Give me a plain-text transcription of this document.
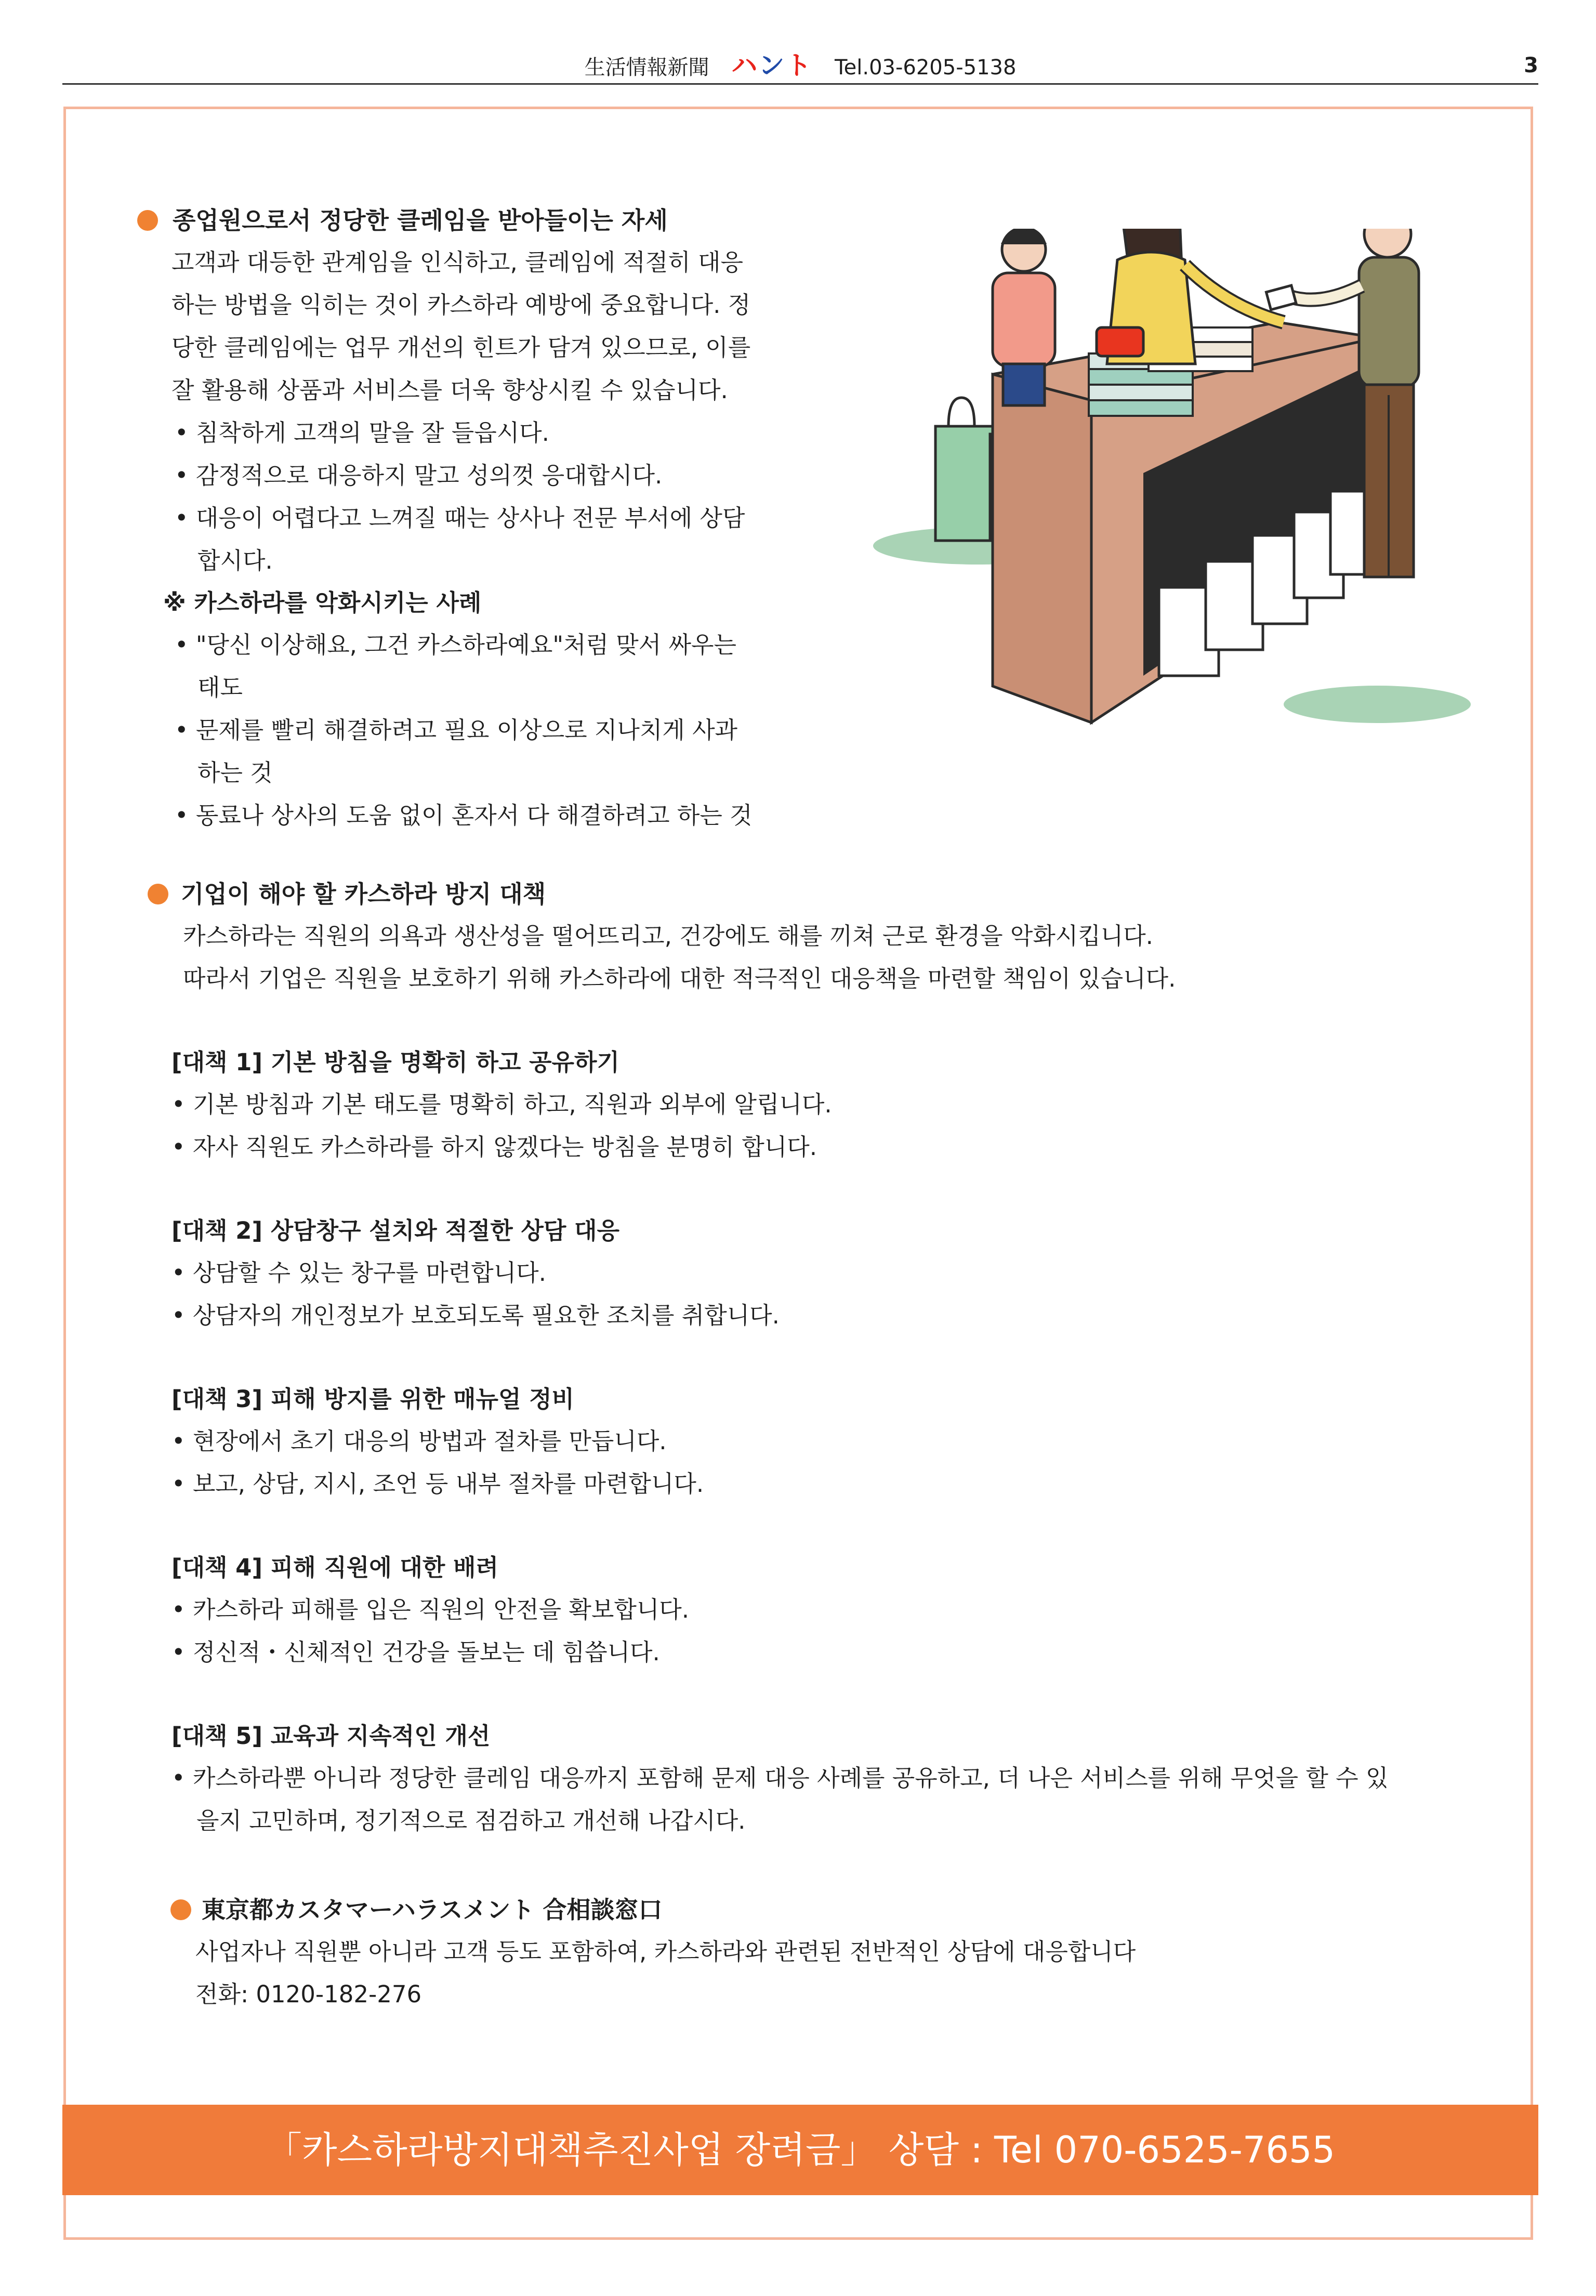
生活情報新聞 ハント Tel.03-6205-5138	3
종업원으로서 정당한 클레임을 받아들이는 자세
고객과 대등한 관계임을 인식하고, 클레임에 적절히 대응
하는 방법을 익히는 것이 카스하라 예방에 중요합니다. 정
당한 클레임에는 업무 개선의 힌트가 담겨 있으므로, 이를
잘 활용해 상품과 서비스를 더욱 향상시킬 수 있습니다.
• 침착하게 고객의 말을 잘 들읍시다.
• 감정적으로 대응하지 말고 성의껏 응대합시다.
• 대응이 어렵다고 느껴질 때는 상사나 전문 부서에 상담
합시다.
※ 카스하라를 악화시키는 사례
• "당신 이상해요, 그건 카스하라예요"처럼 맞서 싸우는
태도
• 문제를 빨리 해결하려고 필요 이상으로 지나치게 사과
하는 것
• 동료나 상사의 도움 없이 혼자서 다 해결하려고 하는 것
기업이 해야 할 카스하라 방지 대책
카스하라는 직원의 의욕과 생산성을 떨어뜨리고, 건강에도 해를 끼쳐 근로 환경을 악화시킵니다.
따라서 기업은 직원을 보호하기 위해 카스하라에 대한 적극적인 대응책을 마련할 책임이 있습니다.
[대책 1] 기본 방침을 명확히 하고 공유하기
• 기본 방침과 기본 태도를 명확히 하고, 직원과 외부에 알립니다.
• 자사 직원도 카스하라를 하지 않겠다는 방침을 분명히 합니다.
[대책 2] 상담창구 설치와 적절한 상담 대응
• 상담할 수 있는 창구를 마련합니다.
• 상담자의 개인정보가 보호되도록 필요한 조치를 취합니다.
[대책 3] 피해 방지를 위한 매뉴얼 정비
• 현장에서 초기 대응의 방법과 절차를 만듭니다.
• 보고, 상담, 지시, 조언 등 내부 절차를 마련합니다.
[대책 4] 피해 직원에 대한 배려
• 카스하라 피해를 입은 직원의 안전을 확보합니다.
• 정신적・신체적인 건강을 돌보는 데 힘씁니다.
[대책 5] 교육과 지속적인 개선
• 카스하라뿐 아니라 정당한 클레임 대응까지 포함해 문제 대응 사례를 공유하고, 더 나은 서비스를 위해 무엇을 할 수 있
을지 고민하며, 정기적으로 점검하고 개선해 나갑시다.
東京都カスタマーハラスメント 合相談窓口
사업자나 직원뿐 아니라 고객 등도 포함하여, 카스하라와 관련된 전반적인 상담에 대응합니다
전화: 0120-182-276
「카스하라방지대책추진사업 장려금」 상담 : Tel 070-6525-7655
